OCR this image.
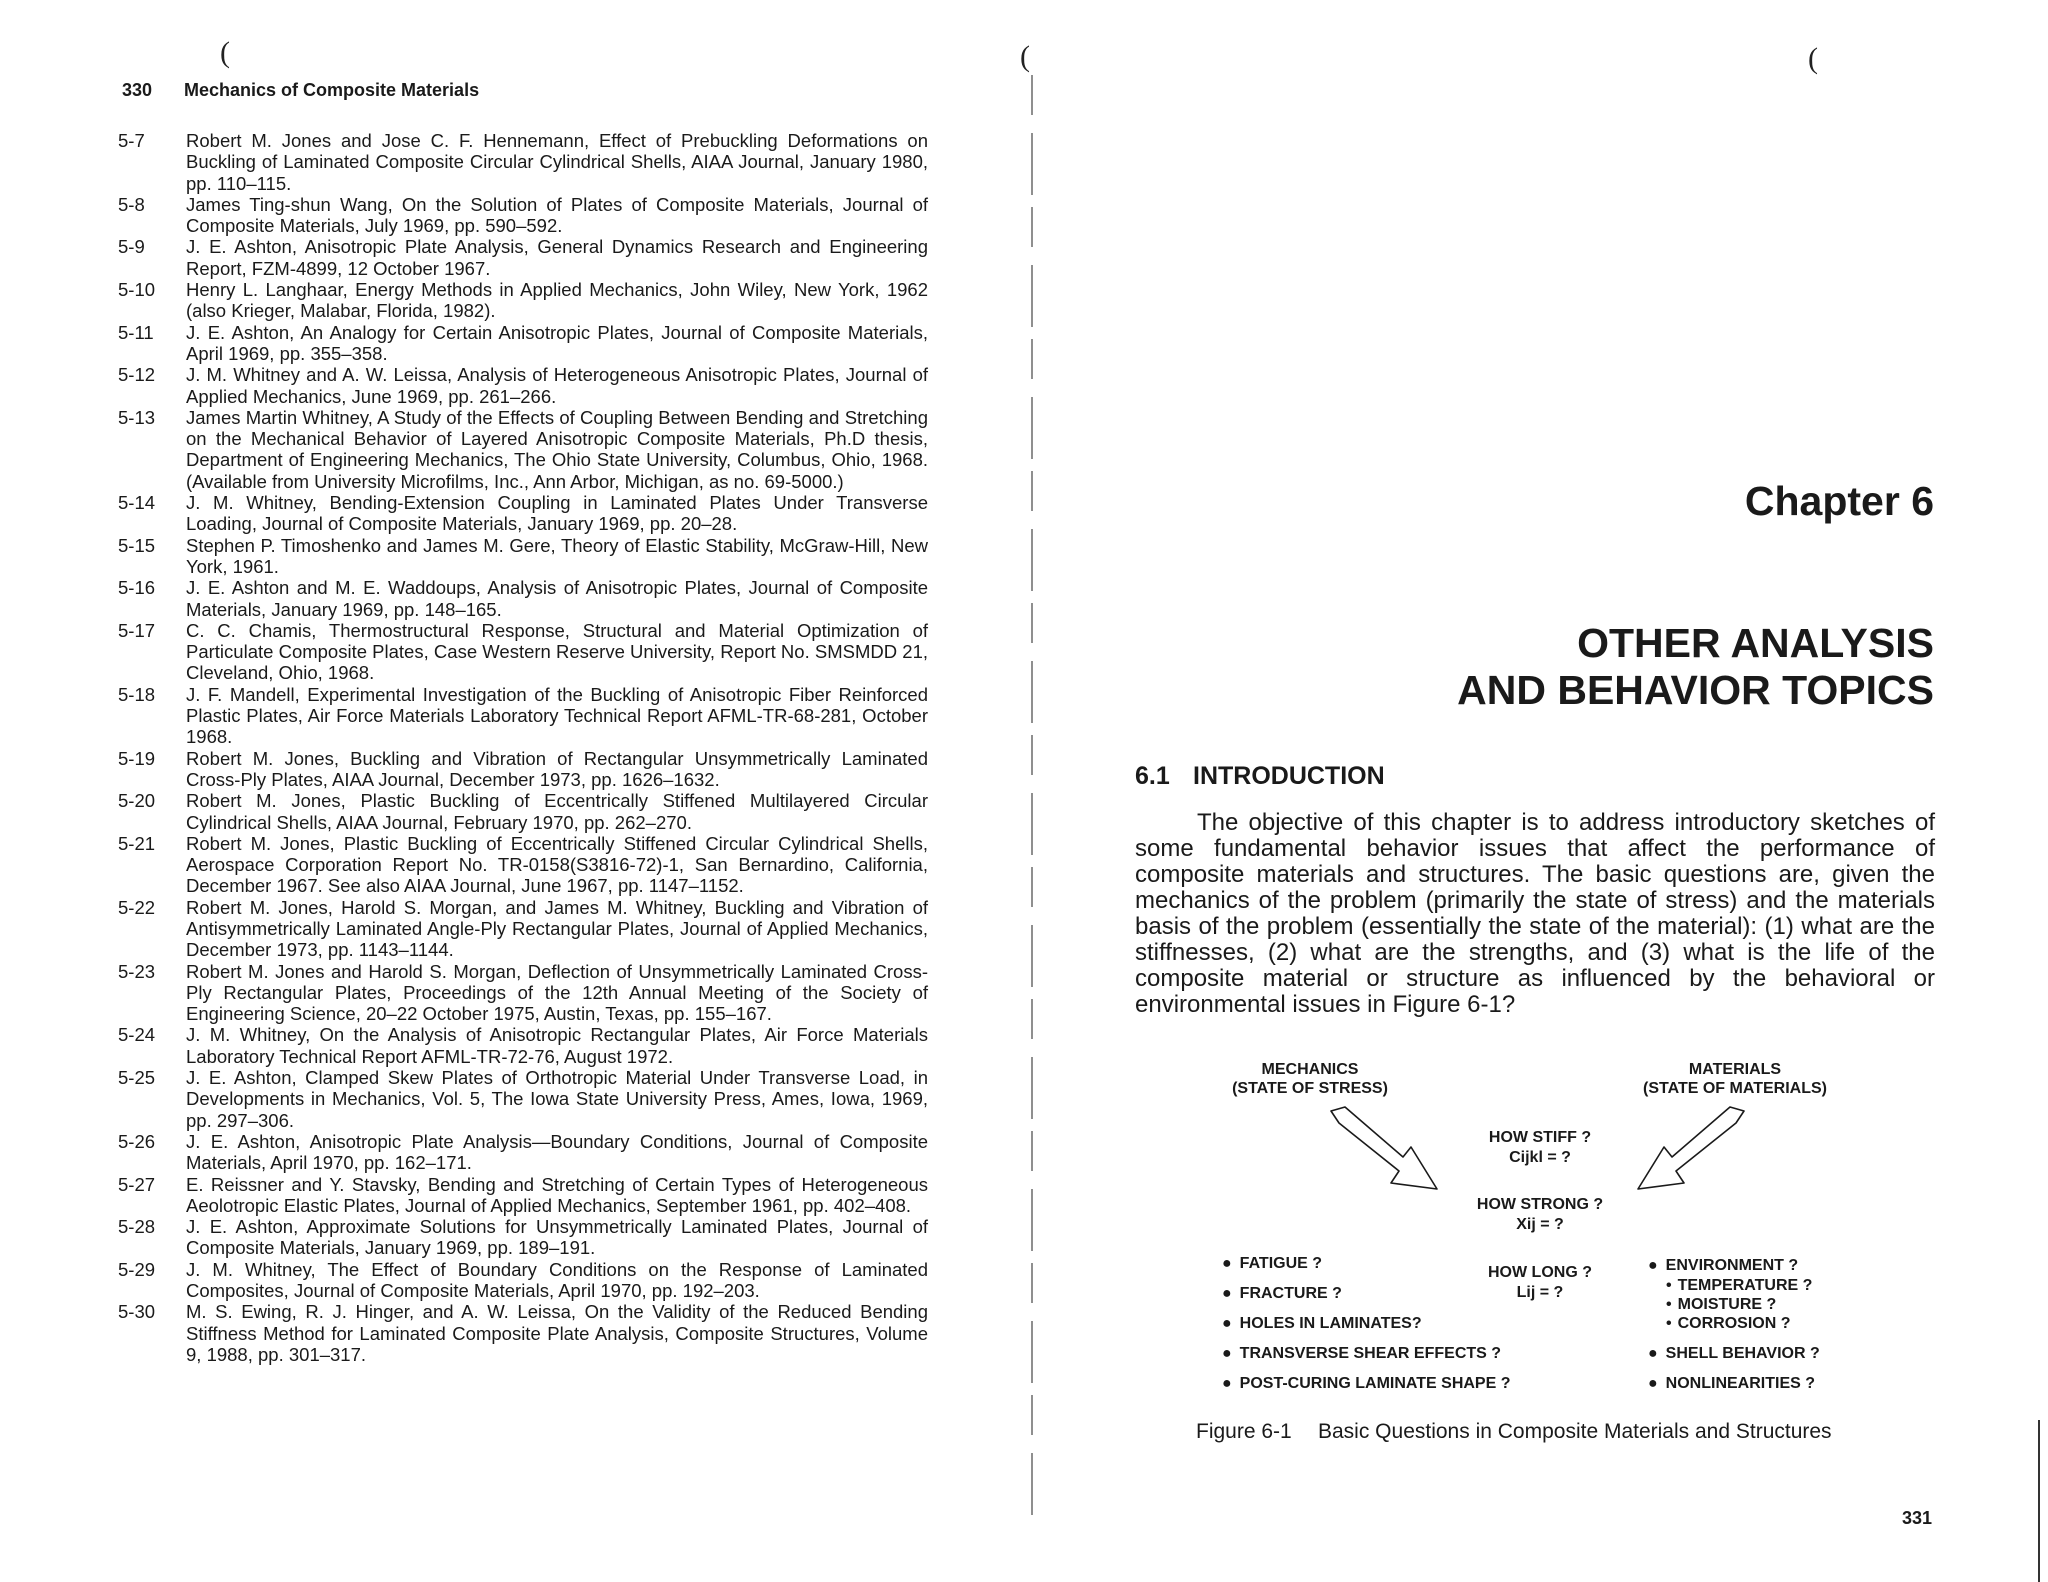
(	(	(
330 Mechanics of Composite Materials
5-7	Robert M. Jones and Jose C. F. Hennemann, Effect of Prebuckling Deformations on Buckling of Laminated Composite Circular Cylindrical Shells, AIAA Journal, January 1980, pp. 110–115.
5-8	James Ting-shun Wang, On the Solution of Plates of Composite Materials, Journal of Composite Materials, July 1969, pp. 590–592.
5-9	J. E. Ashton, Anisotropic Plate Analysis, General Dynamics Research and Engineering Report, FZM-4899, 12 October 1967.
5-10	Henry L. Langhaar, Energy Methods in Applied Mechanics, John Wiley, New York, 1962 (also Krieger, Malabar, Florida, 1982).
5-11	J. E. Ashton, An Analogy for Certain Anisotropic Plates, Journal of Composite Materials, April 1969, pp. 355–358.
5-12	J. M. Whitney and A. W. Leissa, Analysis of Heterogeneous Anisotropic Plates, Journal of Applied Mechanics, June 1969, pp. 261–266.
5-13	James Martin Whitney, A Study of the Effects of Coupling Between Bending and Stretching on the Mechanical Behavior of Layered Anisotropic Composite Materials, Ph.D thesis, Department of Engineering Mechanics, The Ohio State University, Columbus, Ohio, 1968. (Available from University Microfilms, Inc., Ann Arbor, Michigan, as no. 69-5000.)
5-14	J. M. Whitney, Bending-Extension Coupling in Laminated Plates Under Transverse Loading, Journal of Composite Materials, January 1969, pp. 20–28.
5-15	Stephen P. Timoshenko and James M. Gere, Theory of Elastic Stability, McGraw-Hill, New York, 1961.
5-16	J. E. Ashton and M. E. Waddoups, Analysis of Anisotropic Plates, Journal of Composite Materials, January 1969, pp. 148–165.
5-17	C. C. Chamis, Thermostructural Response, Structural and Material Optimization of Particulate Composite Plates, Case Western Reserve University, Report No. SMSMDD 21, Cleveland, Ohio, 1968.
5-18	J. F. Mandell, Experimental Investigation of the Buckling of Anisotropic Fiber Reinforced Plastic Plates, Air Force Materials Laboratory Technical Report AFML-TR-68-281, October 1968.
5-19	Robert M. Jones, Buckling and Vibration of Rectangular Unsymmetrically Laminated Cross-Ply Plates, AIAA Journal, December 1973, pp. 1626–1632.
5-20	Robert M. Jones, Plastic Buckling of Eccentrically Stiffened Multilayered Circular Cylindrical Shells, AIAA Journal, February 1970, pp. 262–270.
5-21	Robert M. Jones, Plastic Buckling of Eccentrically Stiffened Circular Cylindrical Shells, Aerospace Corporation Report No. TR-0158(S3816-72)-1, San Bernardino, California, December 1967. See also AIAA Journal, June 1967, pp. 1147–1152.
5-22	Robert M. Jones, Harold S. Morgan, and James M. Whitney, Buckling and Vibration of Antisymmetrically Laminated Angle-Ply Rectangular Plates, Journal of Applied Mechanics, December 1973, pp. 1143–1144.
5-23	Robert M. Jones and Harold S. Morgan, Deflection of Unsymmetrically Laminated Cross-Ply Rectangular Plates, Proceedings of the 12th Annual Meeting of the Society of Engineering Science, 20–22 October 1975, Austin, Texas, pp. 155–167.
5-24	J. M. Whitney, On the Analysis of Anisotropic Rectangular Plates, Air Force Materials Laboratory Technical Report AFML-TR-72-76, August 1972.
5-25	J. E. Ashton, Clamped Skew Plates of Orthotropic Material Under Transverse Load, in Developments in Mechanics, Vol. 5, The Iowa State University Press, Ames, Iowa, 1969, pp. 297–306.
5-26	J. E. Ashton, Anisotropic Plate Analysis—Boundary Conditions, Journal of Composite Materials, April 1970, pp. 162–171.
5-27	E. Reissner and Y. Stavsky, Bending and Stretching of Certain Types of Heterogeneous Aeolotropic Elastic Plates, Journal of Applied Mechanics, September 1961, pp. 402–408.
5-28	J. E. Ashton, Approximate Solutions for Unsymmetrically Laminated Plates, Journal of Composite Materials, January 1969, pp. 189–191.
5-29	J. M. Whitney, The Effect of Boundary Conditions on the Response of Laminated Composites, Journal of Composite Materials, April 1970, pp. 192–203.
5-30	M. S. Ewing, R. J. Hinger, and A. W. Leissa, On the Validity of the Reduced Bending Stiffness Method for Laminated Composite Plate Analysis, Composite Structures, Volume 9, 1988, pp. 301–317.
Chapter 6
OTHER ANALYSIS
AND BEHAVIOR TOPICS
6.1 INTRODUCTION

The objective of this chapter is to address introductory sketches of some fundamental behavior issues that affect the performance of composite materials and structures. The basic questions are, given the mechanics of the problem (primarily the state of stress) and the materials basis of the problem (essentially the state of the material): (1) what are the stiffnesses, (2) what are the strengths, and (3) what is the life of the composite material or structure as influenced by the behavioral or environmental issues in Figure 6-1?

MECHANICS
(STATE OF STRESS)
MATERIALS
(STATE OF MATERIALS)
HOW STIFF ?
Cijkl = ?
HOW STRONG ?
Xij = ?
HOW LONG ?
Lij = ?
● FATIGUE ?
● FRACTURE ?
● HOLES IN LAMINATES?
● TRANSVERSE SHEAR EFFECTS ?
● POST-CURING LAMINATE SHAPE ?
● ENVIRONMENT ?
• TEMPERATURE ?
• MOISTURE ?
• CORROSION ?
● SHELL BEHAVIOR ?
● NONLINEARITIES ?
Figure 6-1 Basic Questions in Composite Materials and Structures
331
